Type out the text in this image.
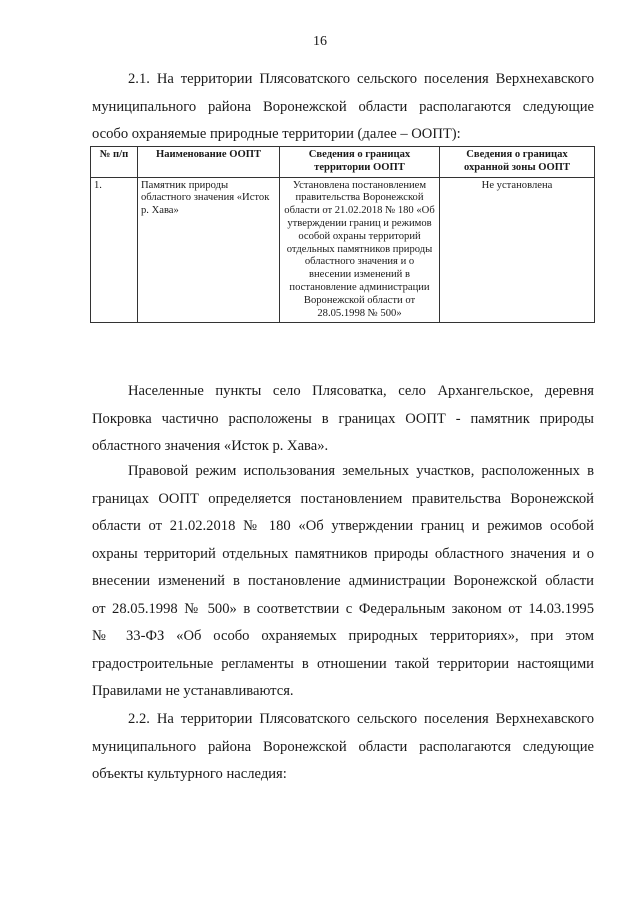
16

2.1. На территории Плясоватского сельского поселения Верхнехавского
муниципального района Воронежской области располагаются следующие
особо охраняемые природные территории (далее – ООПТ):

№ п/п	Наименование ООПТ	Сведения о границах территории ООПТ	Сведения о границах охранной зоны ООПТ
1.	Памятник природы областного значения «Исток р. Хава»	Установлена постановлением правительства Воронежской области от 21.02.2018 № 180 «Об утверждении границ и режимов особой охраны территорий отдельных памятников природы областного значения и о внесении изменений в постановление администрации Воронежской области от 28.05.1998 № 500»	Не установлена

Населенные пункты село Плясоватка, село Архангельское, деревня
Покровка частично расположены в границах ООПТ - памятник природы
областного значения «Исток р. Хава».

Правовой режим использования земельных участков, расположенных в
границах ООПТ определяется постановлением правительства Воронежской
области от 21.02.2018 № 180 «Об утверждении границ и режимов особой
охраны территорий отдельных памятников природы областного значения и о
внесении изменений в постановление администрации Воронежской области
от 28.05.1998 № 500» в соответствии с Федеральным законом от 14.03.1995
№ 33-ФЗ «Об особо охраняемых природных территориях», при этом
градостроительные регламенты в отношении такой территории настоящими
Правилами не устанавливаются.

2.2. На территории Плясоватского сельского поселения Верхнехавского
муниципального района Воронежской области располагаются следующие
объекты культурного наследия:
